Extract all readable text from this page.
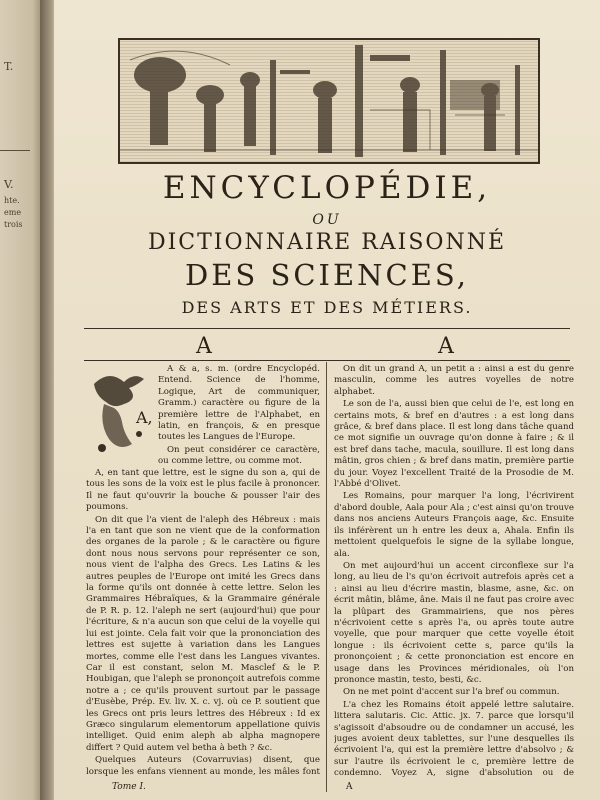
T.
V.
hte.
eme
trois
ENCYCLOPÉDIE,
OU
DICTIONNAIRE RAISONNÉ
DES SCIENCES,
DES ARTS ET DES MÉTIERS.
A	A
A,

A & a, s. m. (ordre Encyclopéd. Entend. Science de l'homme, Logique, Art de communiquer, Gramm.) caractère ou figure de la première lettre de l'Alphabet, en latin, en françois, & en presque toutes les Langues de l'Europe.

On peut considérer ce caractère, ou comme lettre, ou comme mot.

A, en tant que lettre, est le signe du son a, qui de tous les sons de la voix est le plus facile à prononcer. Il ne faut qu'ouvrir la bouche & pousser l'air des poumons.

On dit que l'a vient de l'aleph des Hébreux : mais l'a en tant que son ne vient que de la conformation des organes de la parole ; & le caractère ou figure dont nous nous servons pour représenter ce son, nous vient de l'alpha des Grecs. Les Latins & les autres peuples de l'Europe ont imité les Grecs dans la forme qu'ils ont donnée à cette lettre. Selon les Grammaires Hébraïques, & la Grammaire générale de P. R. p. 12. l'aleph ne sert (aujourd'hui) que pour l'écriture, & n'a aucun son que celui de la voyelle qui lui est jointe. Cela fait voir que la prononciation des lettres est sujette à variation dans les Langues mortes, comme elle l'est dans les Langues vivantes. Car il est constant, selon M. Masclef & le P. Houbigan, que l'aleph se prononçoit autrefois comme notre a ; ce qu'ils prouvent surtout par le passage d'Eusèbe, Prép. Ev. liv. X. c. vj. où ce P. soutient que les Grecs ont pris leurs lettres des Hébreux : Id ex Græco singularum elementorum appellatione quivis intelliget. Quid enim aleph ab alpha magnopere differt ? Quid autem vel betha à beth ? &c.

Quelques Auteurs (Covarruvias) disent, que lorsque les enfans viennent au monde, les mâles font

On dit un grand A, un petit a : ainsi a est du genre masculin, comme les autres voyelles de notre alphabet.

Le son de l'a, aussi bien que celui de l'e, est long en certains mots, & bref en d'autres : a est long dans grâce, & bref dans place. Il est long dans tâche quand ce mot signifie un ouvrage qu'on donne à faire ; & il est bref dans tache, macula, souillure. Il est long dans mâtin, gros chien ; & bref dans matin, première partie du jour. Voyez l'excellent Traité de la Prosodie de M. l'Abbé d'Olivet.

Les Romains, pour marquer l'a long, l'écrivirent d'abord double, Aala pour Ala ; c'est ainsi qu'on trouve dans nos anciens Auteurs François aage, &c. Ensuite ils inférèrent un h entre les deux a, Ahala. Enfin ils mettoient quelquefois le signe de la syllabe longue, ala.

On met aujourd'hui un accent circonflexe sur l'a long, au lieu de l's qu'on écrivoit autrefois après cet a : ainsi au lieu d'écrire mastin, blasme, asne, &c. on écrit mâtin, blâme, âne. Mais il ne faut pas croire avec la plûpart des Grammairiens, que nos pères n'écrivoient cette s après l'a, ou après toute autre voyelle, que pour marquer que cette voyelle étoit longue : ils écrivoient cette s, parce qu'ils la prononçoient ; & cette prononciation est encore en usage dans les Provinces méridionales, où l'on prononce mastin, testo, besti, &c.

On ne met point d'accent sur l'a bref ou commun.

L'a chez les Romains étoit appelé lettre salutaire. littera salutaris. Cic. Attic. jx. 7. parce que lorsqu'il s'agissoit d'absoudre ou de condamner un accusé, les juges avoient deux tablettes, sur l'une desquelles ils écrivoient l'a, qui est la première lettre d'absolvo ; & sur l'autre ils écrivoient le c, première lettre de condemno. Voyez A, signe d'absolution ou de

Tome I.	A
